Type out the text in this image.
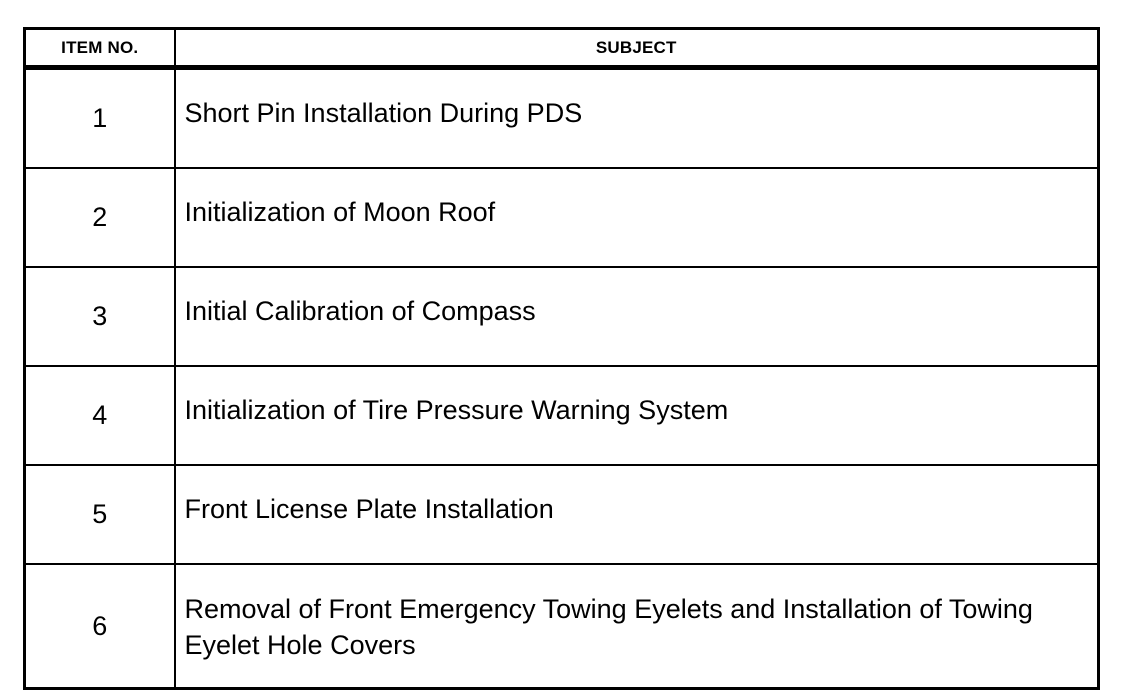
ITEM NO.	SUBJECT
1	Short Pin Installation During PDS
2	Initialization of Moon Roof
3	Initial Calibration of Compass
4	Initialization of Tire Pressure Warning System
5	Front License Plate Installation
6	Removal of Front Emergency Towing Eyelets and Installation of Towing Eyelet Hole Covers
